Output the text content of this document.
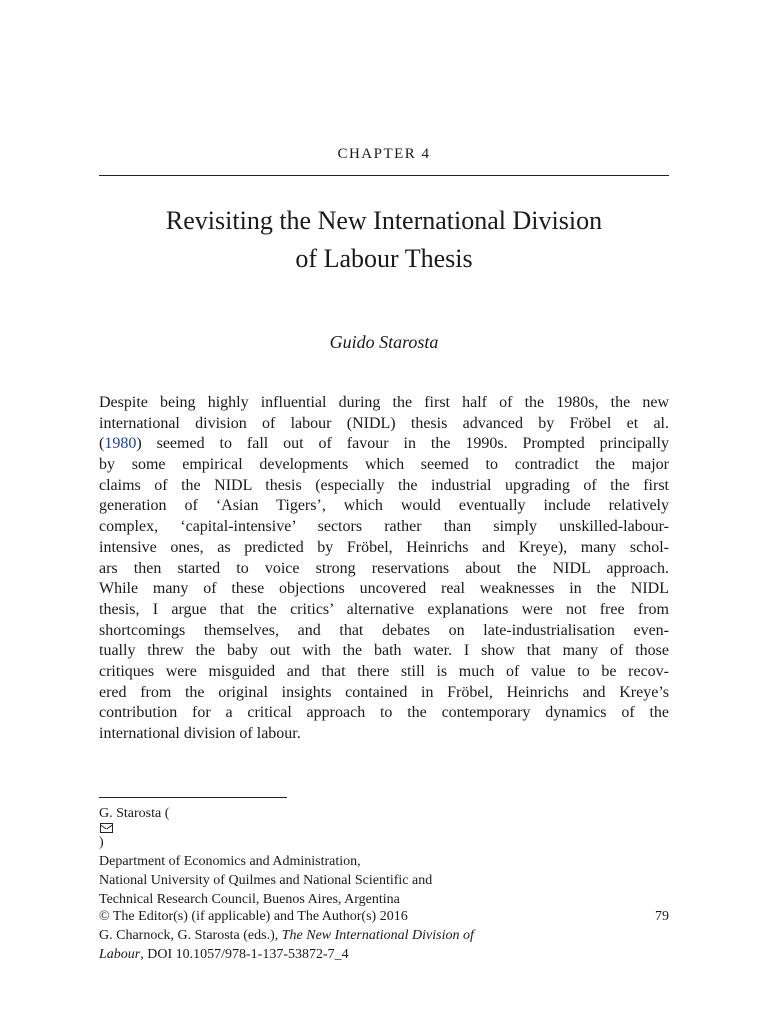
CHAPTER 4
Revisiting the New International Division
of Labour Thesis
Guido Starosta
Despite being highly influential during the first half of the 1980s, the new
international division of labour (NIDL) thesis advanced by Fröbel et al.
(1980) seemed to fall out of favour in the 1990s. Prompted principally
by some empirical developments which seemed to contradict the major
claims of the NIDL thesis (especially the industrial upgrading of the first
generation of ‘Asian Tigers’, which would eventually include relatively
complex, ‘capital-intensive’ sectors rather than simply unskilled-labour-
intensive ones, as predicted by Fröbel, Heinrichs and Kreye), many schol-
ars then started to voice strong reservations about the NIDL approach.
While many of these objections uncovered real weaknesses in the NIDL
thesis, I argue that the critics’ alternative explanations were not free from
shortcomings themselves, and that debates on late-industrialisation even-
tually threw the baby out with the bath water. I show that many of those
critiques were misguided and that there still is much of value to be recov-
ered from the original insights contained in Fröbel, Heinrichs and Kreye’s
contribution for a critical approach to the contemporary dynamics of the
international division of labour.
G. Starosta (
)
Department of Economics and Administration,
National University of Quilmes and National Scientific and
Technical Research Council, Buenos Aires, Argentina
© The Editor(s) (if applicable) and The Author(s) 2016
G. Charnock, G. Starosta (eds.), The New International Division of
Labour, DOI 10.1057/978-1-137-53872-7_4
79
